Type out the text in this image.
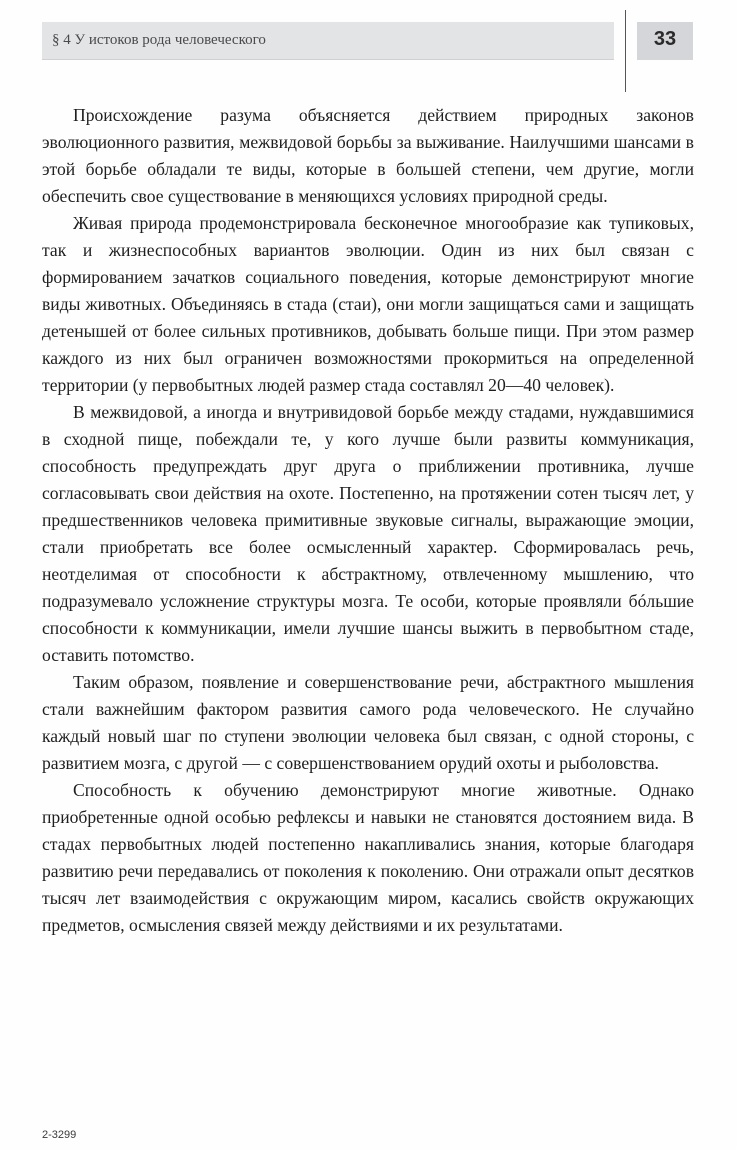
§ 4 У истоков рода человеческого	33

Происхождение разума объясняется действием природных законов эволюционного развития, межвидовой борьбы за выживание. Наилучшими шансами в этой борьбе обладали те виды, которые в большей степени, чем другие, могли обеспечить свое существование в меняющихся условиях природной среды.

Живая природа продемонстрировала бесконечное многообразие как тупиковых, так и жизнеспособных вариантов эволюции. Один из них был связан с формированием зачатков социального поведения, которые демонстрируют многие виды животных. Объединяясь в стада (стаи), они могли защищаться сами и защищать детенышей от более сильных противников, добывать больше пищи. При этом размер каждого из них был ограничен возможностями прокормиться на определенной территории (у первобытных людей размер стада составлял 20—40 человек).

В межвидовой, а иногда и внутривидовой борьбе между стадами, нуждавшимися в сходной пище, побеждали те, у кого лучше были развиты коммуникация, способность предупреждать друг друга о приближении противника, лучше согласовывать свои действия на охоте. Постепенно, на протяжении сотен тысяч лет, у предшественников человека примитивные звуковые сигналы, выражающие эмоции, стали приобретать все более осмысленный характер. Сформировалась речь, неотделимая от способности к абстрактному, отвлеченному мышлению, что подразумевало усложнение структуры мозга. Те особи, которые проявляли бóльшие способности к коммуникации, имели лучшие шансы выжить в первобытном стаде, оставить потомство.

Таким образом, появление и совершенствование речи, абстрактного мышления стали важнейшим фактором развития самого рода человеческого. Не случайно каждый новый шаг по ступени эволюции человека был связан, с одной стороны, с развитием мозга, с другой — с совершенствованием орудий охоты и рыболовства.

Способность к обучению демонстрируют многие животные. Однако приобретенные одной особью рефлексы и навыки не становятся достоянием вида. В стадах первобытных людей постепенно накапливались знания, которые благодаря развитию речи передавались от поколения к поколению. Они отражали опыт десятков тысяч лет взаимодействия с окружающим миром, касались свойств окружающих предметов, осмысления связей между действиями и их результатами.

2-3299
